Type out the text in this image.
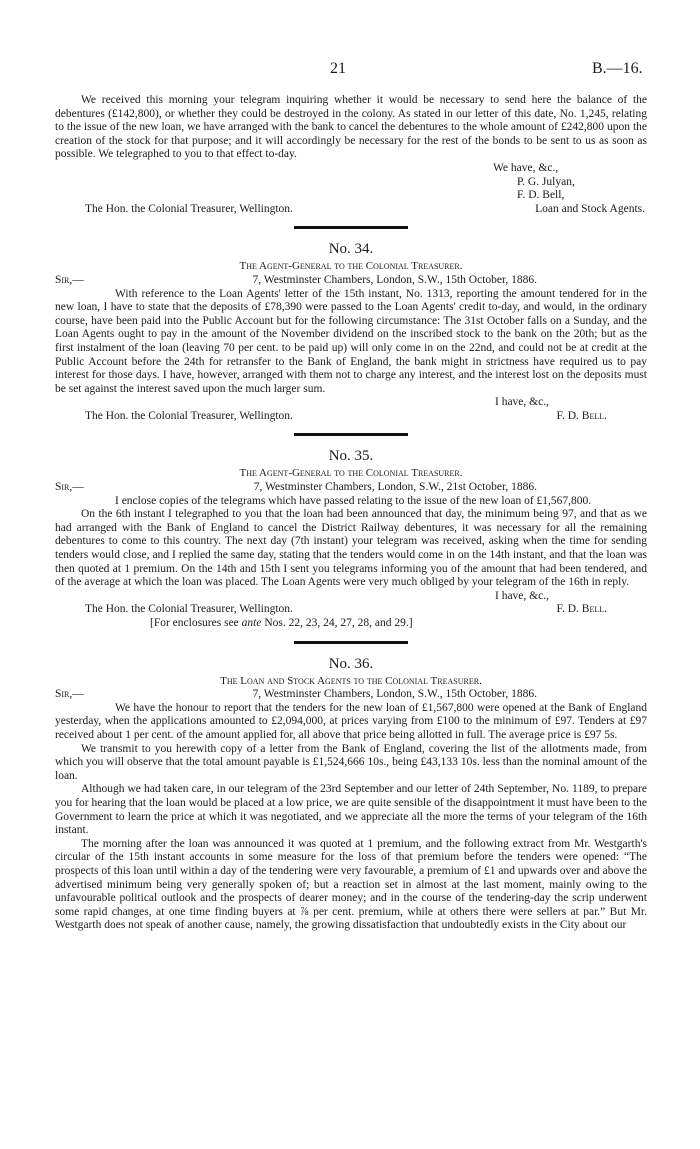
21	B.—16.

We received this morning your telegram inquiring whether it would be necessary to send here the balance of the debentures (£142,800), or whether they could be destroyed in the colony. As stated in our letter of this date, No. 1,245, relating to the issue of the new loan, we have arranged with the bank to cancel the debentures to the whole amount of £242,800 upon the creation of the stock for that purpose; and it will accordingly be necessary for the rest of the bonds to be sent to us as soon as possible. We telegraphed to you to that effect to-day.

We have, &c.,
P. G. Julyan,
F. D. Bell,
The Hon. the Colonial Treasurer, Wellington.	Loan and Stock Agents.
No. 34.
The Agent-General to the Colonial Treasurer.
Sir,—	7, Westminster Chambers, London, S.W., 15th October, 1886.

With reference to the Loan Agents' letter of the 15th instant, No. 1313, reporting the amount tendered for in the new loan, I have to state that the deposits of £78,390 were passed to the Loan Agents' credit to-day, and would, in the ordinary course, have been paid into the Public Account but for the following circumstance: The 31st October falls on a Sunday, and the Loan Agents ought to pay in the amount of the November dividend on the inscribed stock to the bank on the 20th; but as the first instalment of the loan (leaving 70 per cent. to be paid up) will only come in on the 22nd, and could not be at credit at the Public Account before the 24th for retransfer to the Bank of England, the bank might in strictness have required us to pay interest for those days. I have, however, arranged with them not to charge any interest, and the interest lost on the deposits must be set against the interest saved upon the much larger sum.

I have, &c.,
The Hon. the Colonial Treasurer, Wellington.	F. D. Bell.
No. 35.
The Agent-General to the Colonial Treasurer.
Sir,—	7, Westminster Chambers, London, S.W., 21st October, 1886.

I enclose copies of the telegrams which have passed relating to the issue of the new loan of £1,567,800.

On the 6th instant I telegraphed to you that the loan had been announced that day, the minimum being 97, and that as we had arranged with the Bank of England to cancel the District Railway debentures, it was necessary for all the remaining debentures to come to this country. The next day (7th instant) your telegram was received, asking when the time for sending tenders would close, and I replied the same day, stating that the tenders would come in on the 14th instant, and that the loan was then quoted at 1 premium. On the 14th and 15th I sent you telegrams informing you of the amount that had been tendered, and of the average at which the loan was placed. The Loan Agents were very much obliged by your telegram of the 16th in reply.

I have, &c.,
The Hon. the Colonial Treasurer, Wellington.	F. D. Bell.
[For enclosures see ante Nos. 22, 23, 24, 27, 28, and 29.]
No. 36.
The Loan and Stock Agents to the Colonial Treasurer.
Sir,—	7, Westminster Chambers, London, S.W., 15th October, 1886.

We have the honour to report that the tenders for the new loan of £1,567,800 were opened at the Bank of England yesterday, when the applications amounted to £2,094,000, at prices varying from £100 to the minimum of £97. Tenders at £97 received about 1 per cent. of the amount applied for, all above that price being allotted in full. The average price is £97 5s.

We transmit to you herewith copy of a letter from the Bank of England, covering the list of the allotments made, from which you will observe that the total amount payable is £1,524,666 10s., being £43,133 10s. less than the nominal amount of the loan.

Although we had taken care, in our telegram of the 23rd September and our letter of 24th September, No. 1189, to prepare you for hearing that the loan would be placed at a low price, we are quite sensible of the disappointment it must have been to the Government to learn the price at which it was negotiated, and we appreciate all the more the terms of your telegram of the 16th instant.

The morning after the loan was announced it was quoted at 1 premium, and the following extract from Mr. Westgarth's circular of the 15th instant accounts in some measure for the loss of that premium before the tenders were opened: “The prospects of this loan until within a day of the tendering were very favourable, a premium of £1 and upwards over and above the advertised minimum being very generally spoken of; but a reaction set in almost at the last moment, mainly owing to the unfavourable political outlook and the prospects of dearer money; and in the course of the tendering-day the scrip underwent some rapid changes, at one time finding buyers at ⅞ per cent. premium, while at others there were sellers at par.” But Mr. Westgarth does not speak of another cause, namely, the growing dissatisfaction that undoubtedly exists in the City about our
